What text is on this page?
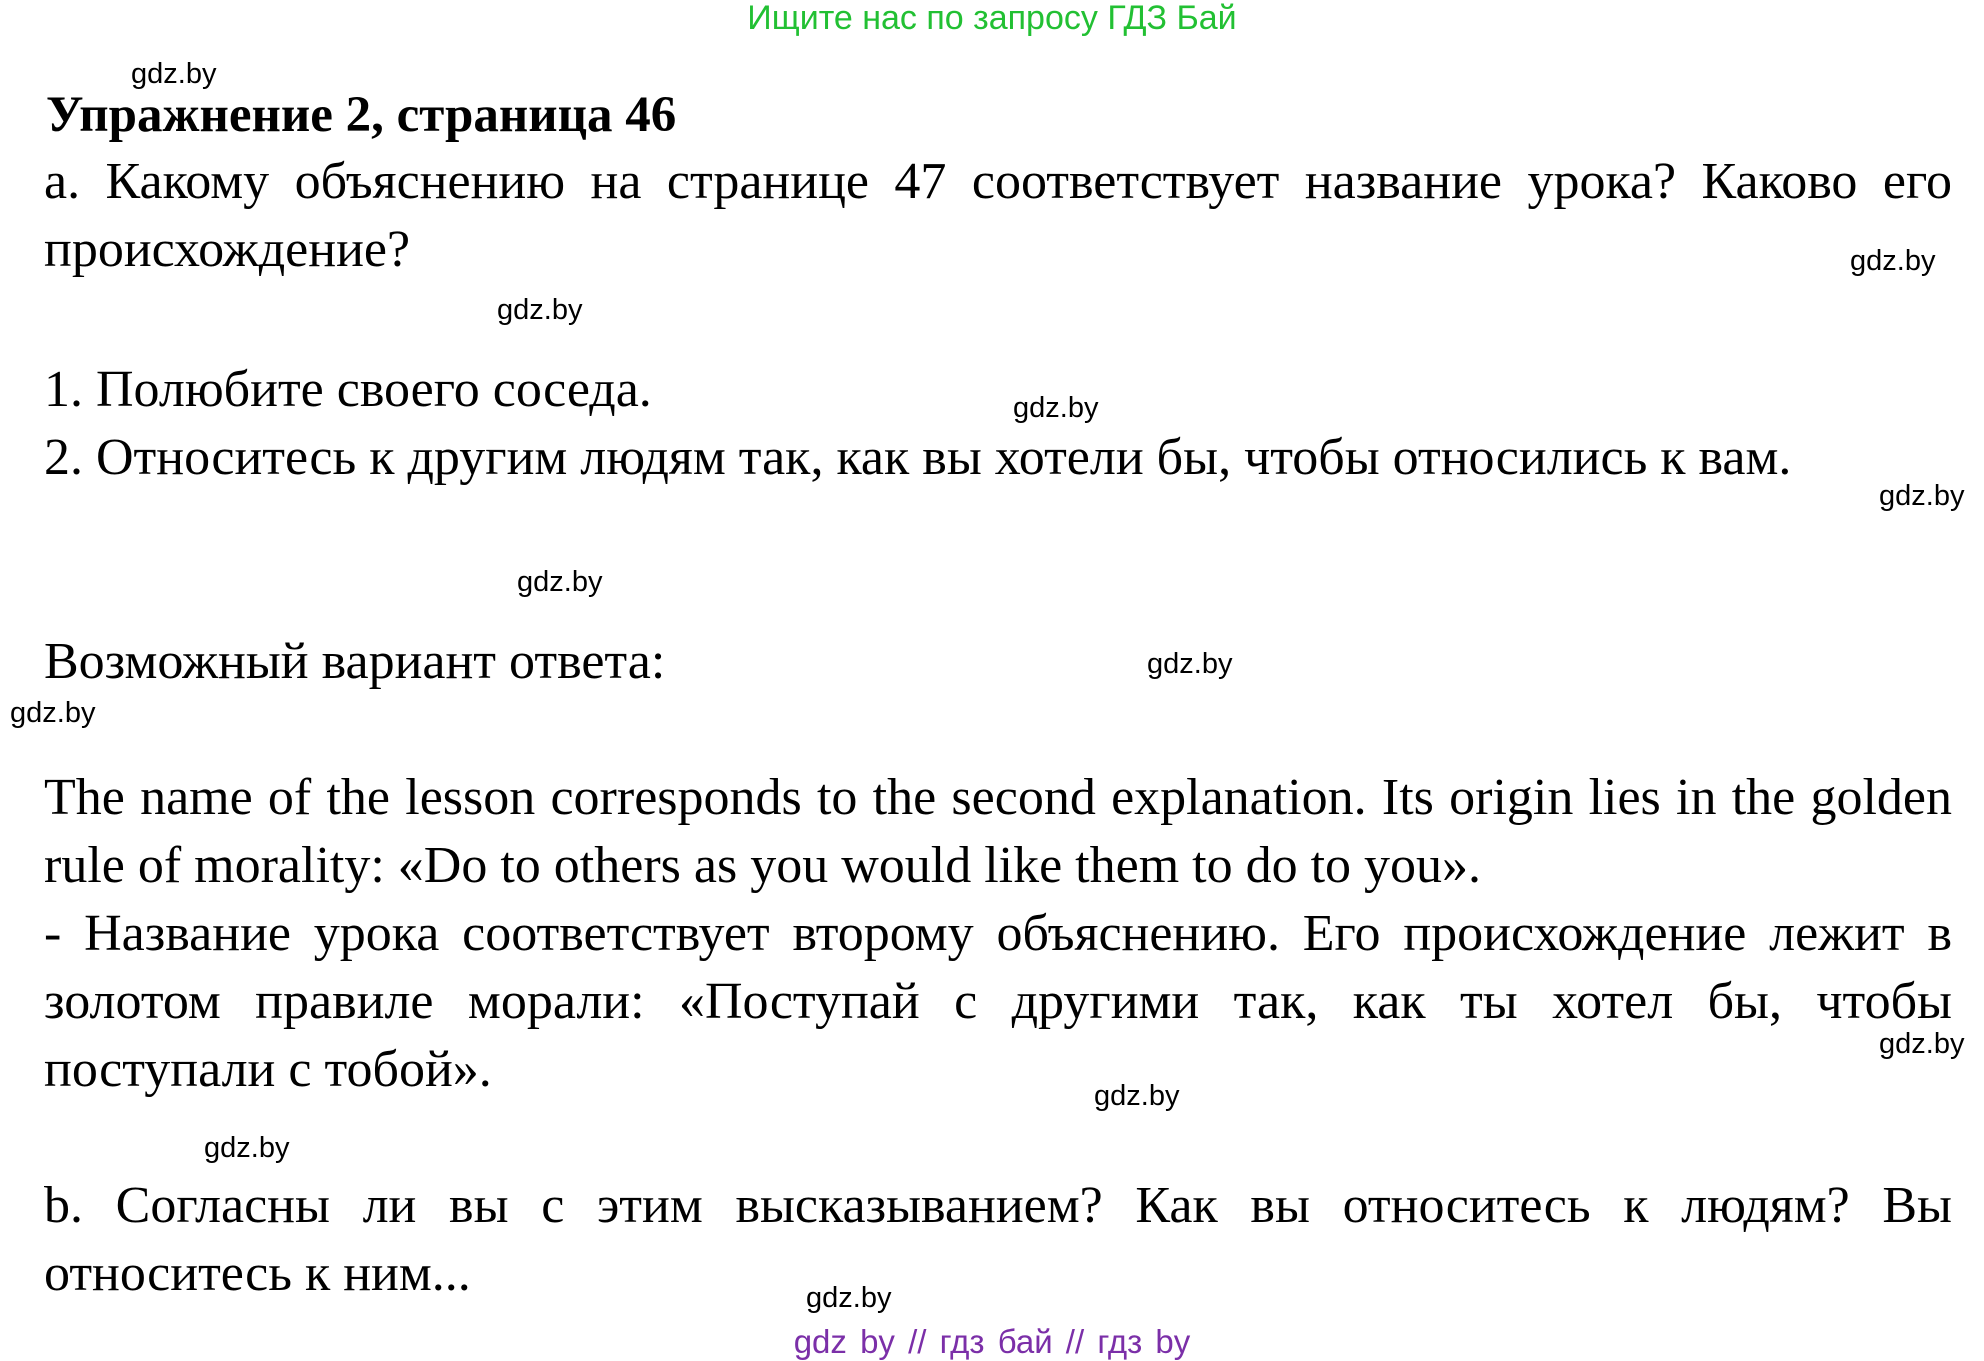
Ищите нас по запросу ГДЗ Бай
gdz.by
Упражнение 2, страница 46
a. Какому объяснению на странице 47 соответствует название урока? Каково его происхождение?	gdz.by
gdz.by
1. Полюбите своего соседа.	gdz.by
2. Относитесь к другим людям так, как вы хотели бы, чтобы относились к вам.
gdz.by
gdz.by
Возможный вариант ответа:	gdz.by
gdz.by
The name of the lesson corresponds to the second explanation. Its origin lies in the golden rule of morality: «Do to others as you would like them to do to you».
- Название урока соответствует второму объяснению. Его происхождение лежит в золотом правиле морали: «Поступай с другими так, как ты хотел бы, чтобы поступали с тобой».	gdz.by
gdz.by
gdz.by
b. Согласны ли вы с этим высказыванием? Как вы относитесь к людям? Вы относитесь к ним...	gdz.by
gdz by // гдз бай // гдз by
